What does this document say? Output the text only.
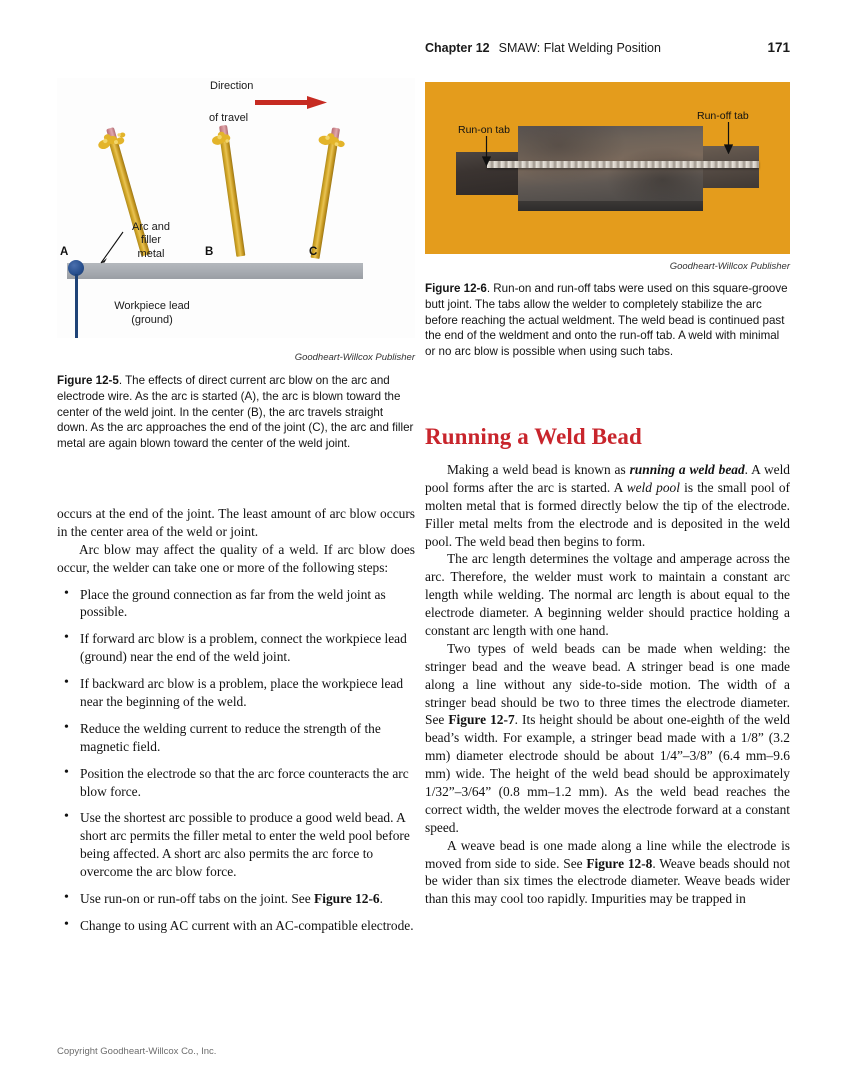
Chapter 12 SMAW: Flat Welding Position	171
Direction
of travel
A	B	C
Arc and
filler
metal
Workpiece lead
(ground)
Goodheart-Willcox Publisher
Figure 12-5. The effects of direct current arc blow on the arc and electrode wire. As the arc is started (A), the arc is blown toward the center of the weld joint. In the center (B), the arc travels straight down. As the arc approaches the end of the joint (C), the arc and filler metal are again blown toward the center of the weld joint.

occurs at the end of the joint. The least amount of arc blow occurs in the center area of the weld or joint.

Arc blow may affect the quality of a weld. If arc blow does occur, the welder can take one or more of the following steps:

• Place the ground connection as far from the weld joint as possible.
• If forward arc blow is a problem, connect the workpiece lead (ground) near the end of the weld joint.
• If backward arc blow is a problem, place the workpiece lead near the beginning of the weld.
• Reduce the welding current to reduce the strength of the magnetic field.
• Position the electrode so that the arc force counteracts the arc blow force.
• Use the shortest arc possible to produce a good weld bead. A short arc permits the filler metal to enter the weld pool before being affected. A short arc also permits the arc force to overcome the arc blow force.
• Use run-on or run-off tabs on the joint. See Figure 12-6.
• Change to using AC current with an AC-compatible electrode.
Run-on tab
Run-off tab
Goodheart-Willcox Publisher
Figure 12-6. Run-on and run-off tabs were used on this square-groove butt joint. The tabs allow the welder to completely stabilize the arc before reaching the actual weldment. The weld bead is continued past the end of the weldment and onto the run-off tab. A weld with minimal or no arc blow is possible when using such tabs.
Running a Weld Bead

Making a weld bead is known as running a weld bead. A weld pool forms after the arc is started. A weld pool is the small pool of molten metal that is formed directly below the tip of the electrode. Filler metal melts from the electrode and is deposited in the weld pool. The weld bead then begins to form.

The arc length determines the voltage and amperage across the arc. Therefore, the welder must work to maintain a constant arc length while welding. The normal arc length is about equal to the electrode diameter. A beginning welder should practice holding a constant arc length with one hand.

Two types of weld beads can be made when welding: the stringer bead and the weave bead. A stringer bead is one made along a line without any side-to-side motion. The width of a stringer bead should be two to three times the electrode diameter. See Figure 12-7. Its height should be about one-eighth of the weld bead’s width. For example, a stringer bead made with a 1/8” (3.2 mm) diameter electrode should be about 1/4”–3/8” (6.4 mm–9.6 mm) wide. The height of the weld bead should be approximately 1/32”–3/64” (0.8 mm–1.2 mm). As the weld bead reaches the correct width, the welder moves the electrode forward at a constant speed.

A weave bead is one made along a line while the electrode is moved from side to side. See Figure 12-8. Weave beads should not be wider than six times the electrode diameter. Weave beads wider than this may cool too rapidly. Impurities may be trapped in

Copyright Goodheart-Willcox Co., Inc.
